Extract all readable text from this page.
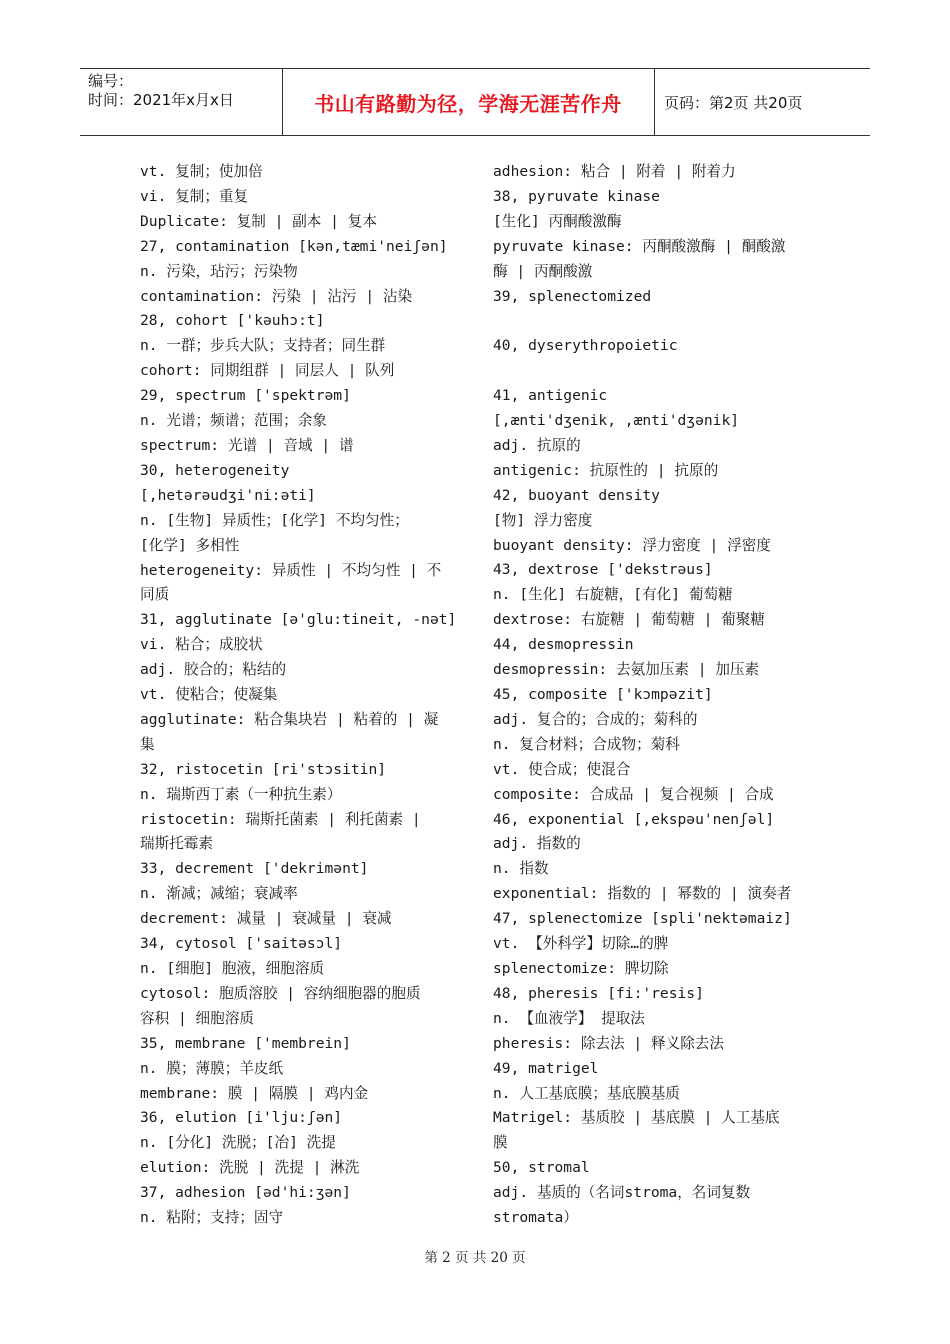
编号：
时间：2021年x月x日	书山有路勤为径，学海无涯苦作舟	页码：第2页 共20页
vt. 复制；使加倍
vi. 复制；重复
Duplicate: 复制 | 副本 | 复本
27, contamination [kən,tæmi'neiʃən]
n. 污染，玷污；污染物
contamination: 污染 | 沾污 | 沾染
28, cohort ['kəuhɔ:t]
n. 一群；步兵大队；支持者；同生群
cohort: 同期组群 | 同层人 | 队列
29, spectrum ['spektrəm]
n. 光谱；频谱；范围；余象
spectrum: 光谱 | 音域 | 谱
30, heterogeneity
[,hetərəudʒi'ni:əti]
n. [生物] 异质性；[化学] 不均匀性；
[化学] 多相性
heterogeneity: 异质性 | 不均匀性 | 不
同质
31, agglutinate [ə'glu:tineit, -nət]
vi. 粘合；成胶状
adj. 胶合的；粘结的
vt. 使粘合；使凝集
agglutinate: 粘合集块岩 | 粘着的 | 凝
集
32, ristocetin [ri'stɔsitin]
n. 瑞斯西丁素（一种抗生素）
ristocetin: 瑞斯托菌素 | 利托菌素 |
瑞斯托霉素
33, decrement ['dekrimənt]
n. 渐减；减缩；衰减率
decrement: 减量 | 衰减量 | 衰减
34, cytosol ['saitəsɔl]
n. [细胞] 胞液，细胞溶质
cytosol: 胞质溶胶 | 容纳细胞器的胞质
容积 | 细胞溶质
35, membrane ['membrein]
n. 膜；薄膜；羊皮纸
membrane: 膜 | 隔膜 | 鸡内金
36, elution [i'lju:ʃən]
n. [分化] 洗脱；[冶] 洗提
elution: 洗脱 | 洗提 | 淋洗
37, adhesion [əd'hi:ʒən]
n. 粘附；支持；固守
adhesion: 粘合 | 附着 | 附着力
38, pyruvate kinase
[生化] 丙酮酸激酶
pyruvate kinase: 丙酮酸激酶 | 酮酸激
酶 | 丙酮酸激
39, splenectomized
40, dyserythropoietic
41, antigenic
[,ænti'dʒenik, ,ænti'dʒənik]
adj. 抗原的
antigenic: 抗原性的 | 抗原的
42, buoyant density
[物] 浮力密度
buoyant density: 浮力密度 | 浮密度
43, dextrose ['dekstrəus]
n. [生化] 右旋糖，[有化] 葡萄糖
dextrose: 右旋糖 | 葡萄糖 | 葡聚糖
44, desmopressin
desmopressin: 去氨加压素 | 加压素
45, composite ['kɔmpəzit]
adj. 复合的；合成的；菊科的
n. 复合材料；合成物；菊科
vt. 使合成；使混合
composite: 合成品 | 复合视频 | 合成
46, exponential [,ekspəu'nenʃəl]
adj. 指数的
n. 指数
exponential: 指数的 | 幂数的 | 演奏者
47, splenectomize [spli'nektəmaiz]
vt. 【外科学】切除…的脾
splenectomize: 脾切除
48, pheresis [fi:'resis]
n. 【血液学】 提取法
pheresis: 除去法 | 释义除去法
49, matrigel
n. 人工基底膜；基底膜基质
Matrigel: 基质胶 | 基底膜 | 人工基底
膜
50, stromal
adj. 基质的（名词stroma，名词复数
stromata）
第 2 页 共 20 页
